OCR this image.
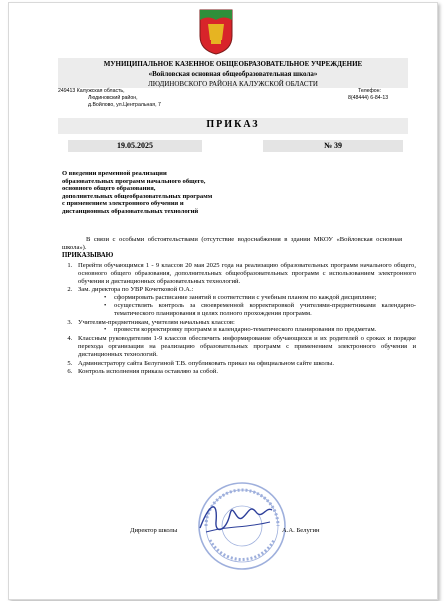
МУНИЦИПАЛЬНОЕ КАЗЕННОЕ ОБЩЕОБРАЗОВАТЕЛЬНОЕ УЧРЕЖДЕНИЕ
«Войловская основная общеобразовательная школа»
ЛЮДИНОВСКОГО РАЙОНА КАЛУЖСКОЙ ОБЛАСТИ
249413 Калужская область,
Людиновский район,
д.Войлово, ул.Центральная, 7
Телефон:
8(48444) 6-84-13
ПРИКАЗ
19.05.2025	№ 39
О введении временной реализации
образовательных программ начального общего,
основного общего образования,
дополнительных общеобразовательных программ
с применением электронного обучения и
дистанционных образовательных технологий
В связи с особыми обстоятельствами (отсутствие водоснабжения в здании МКОУ «Войловская основная школа»).
ПРИКАЗЫВАЮ
1. Перейти обучающимся 1 - 9 классов 20 мая 2025 года на реализацию образовательных программ начального общего, основного общего образования, дополнительных общеобразовательных программ с использованием электронного обучения и дистанционных образовательных технологий.
2. Зам. директора по УВР Кочетковой О.А.:
• сформировать расписание занятий в соответствии с учебным планом по каждой дисциплине;
• осуществлять контроль за своевременной корректировкой учителями-предметниками календарно-тематического планирования в целях полного прохождения программ.
3. Учителям-предметникам, учителям начальных классов:
• провести корректировку программ и календарно-тематического планирования по предметам.
4. Классным руководителям 1-9 классов обеспечить информирование обучающихся и их родителей о сроках и порядке перехода организации на реализацию образовательных программ с применением электронного обучения и дистанционных технологий.
5. Администратору сайта Белугиной Т.В. опубликовать приказ на официальном сайте школы.
6. Контроль исполнения приказа оставляю за собой.
Директор школы	А.А. Белугин
